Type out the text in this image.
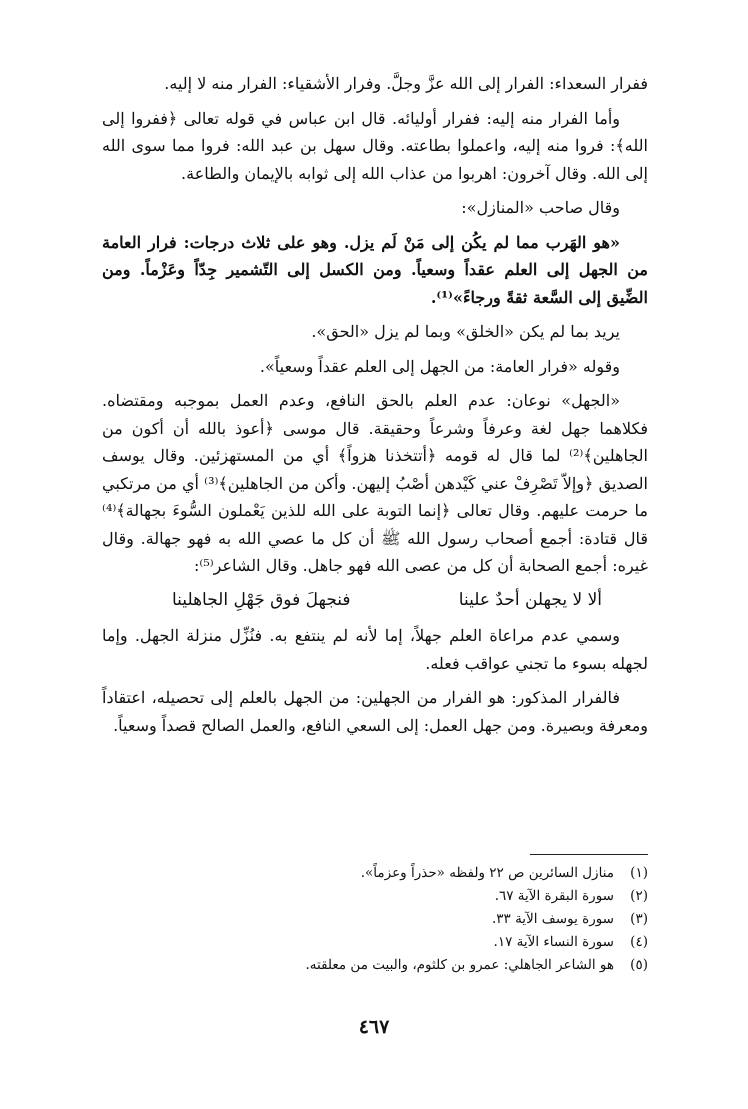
ففرار السعداء: الفرار إلى الله عزَّ وجلَّ. وفرار الأشقياء: الفرار منه لا إليه.

وأما الفرار منه إليه: ففرار أوليائه. قال ابن عباس في قوله تعالى ﴿ففروا إلى الله﴾: فروا منه إليه، واعملوا بطاعته. وقال سهل بن عبد الله: فروا مما سوى الله إلى الله. وقال آخرون: اهربوا من عذاب الله إلى ثوابه بالإيمان والطاعة.

وقال صاحب «المنازل»:

«هو الهَرب مما لم يكُن إلى مَنْ لَم يزل. وهو على ثلاث درجات: فرار العامة من الجهل إلى العلم عقداً وسعياً. ومن الكسل إلى التّشمير جِدّاً وعَزْماً. ومن الضِّيق إلى السَّعة ثقةً ورجاءً»⁽¹⁾.

يريد بما لم يكن «الخلق» وبما لم يزل «الحق».

وقوله «فرار العامة: من الجهل إلى العلم عقداً وسعياً».

«الجهل» نوعان: عدم العلم بالحق النافع، وعدم العمل بموجبه ومقتضاه. فكلاهما جهل لغة وعرفاً وشرعاً وحقيقة. قال موسى ﴿أعوذ بالله أن أكون من الجاهلين﴾⁽²⁾ لما قال له قومه ﴿أتتخذنا هزواً﴾ أي من المستهزئين. وقال يوسف الصديق ﴿وإلاّ تَصْرِفْ عني كَيْدهن أصْبُ إليهن. وأكن من الجاهلين﴾⁽³⁾ أي من مرتكبي ما حرمت عليهم. وقال تعالى ﴿إنما التوبة على الله للذين يَعْملون السُّوءَ بجهالة﴾⁽⁴⁾ قال قتادة: أجمع أصحاب رسول الله ﷺ أن كل ما عصي الله به فهو جهالة. وقال غيره: أجمع الصحابة أن كل من عصى الله فهو جاهل. وقال الشاعر⁽⁵⁾:

ألا لا يجهلن أحدٌ علينا
فنجهلَ فوق جَهْلِ الجاهلينا

وسمي عدم مراعاة العلم جهلاً، إما لأنه لم ينتفع به. فنُزِّل منزلة الجهل. وإما لجهله بسوء ما تجني عواقب فعله.

فالفرار المذكور: هو الفرار من الجهلين: من الجهل بالعلم إلى تحصيله، اعتقاداً ومعرفة وبصيرة. ومن جهل العمل: إلى السعي النافع، والعمل الصالح قصداً وسعياً.

(١)
منازل السائرين ص ٢٢ ولفظه «حذراً وعزماً».
(٢)
سورة البقرة الآية ٦٧.
(٣)
سورة يوسف الآية ٣٣.
(٤)
سورة النساء الآية ١٧.
(٥)
هو الشاعر الجاهلي: عمرو بن كلثوم، والبيت من معلقته.
٤٦٧
